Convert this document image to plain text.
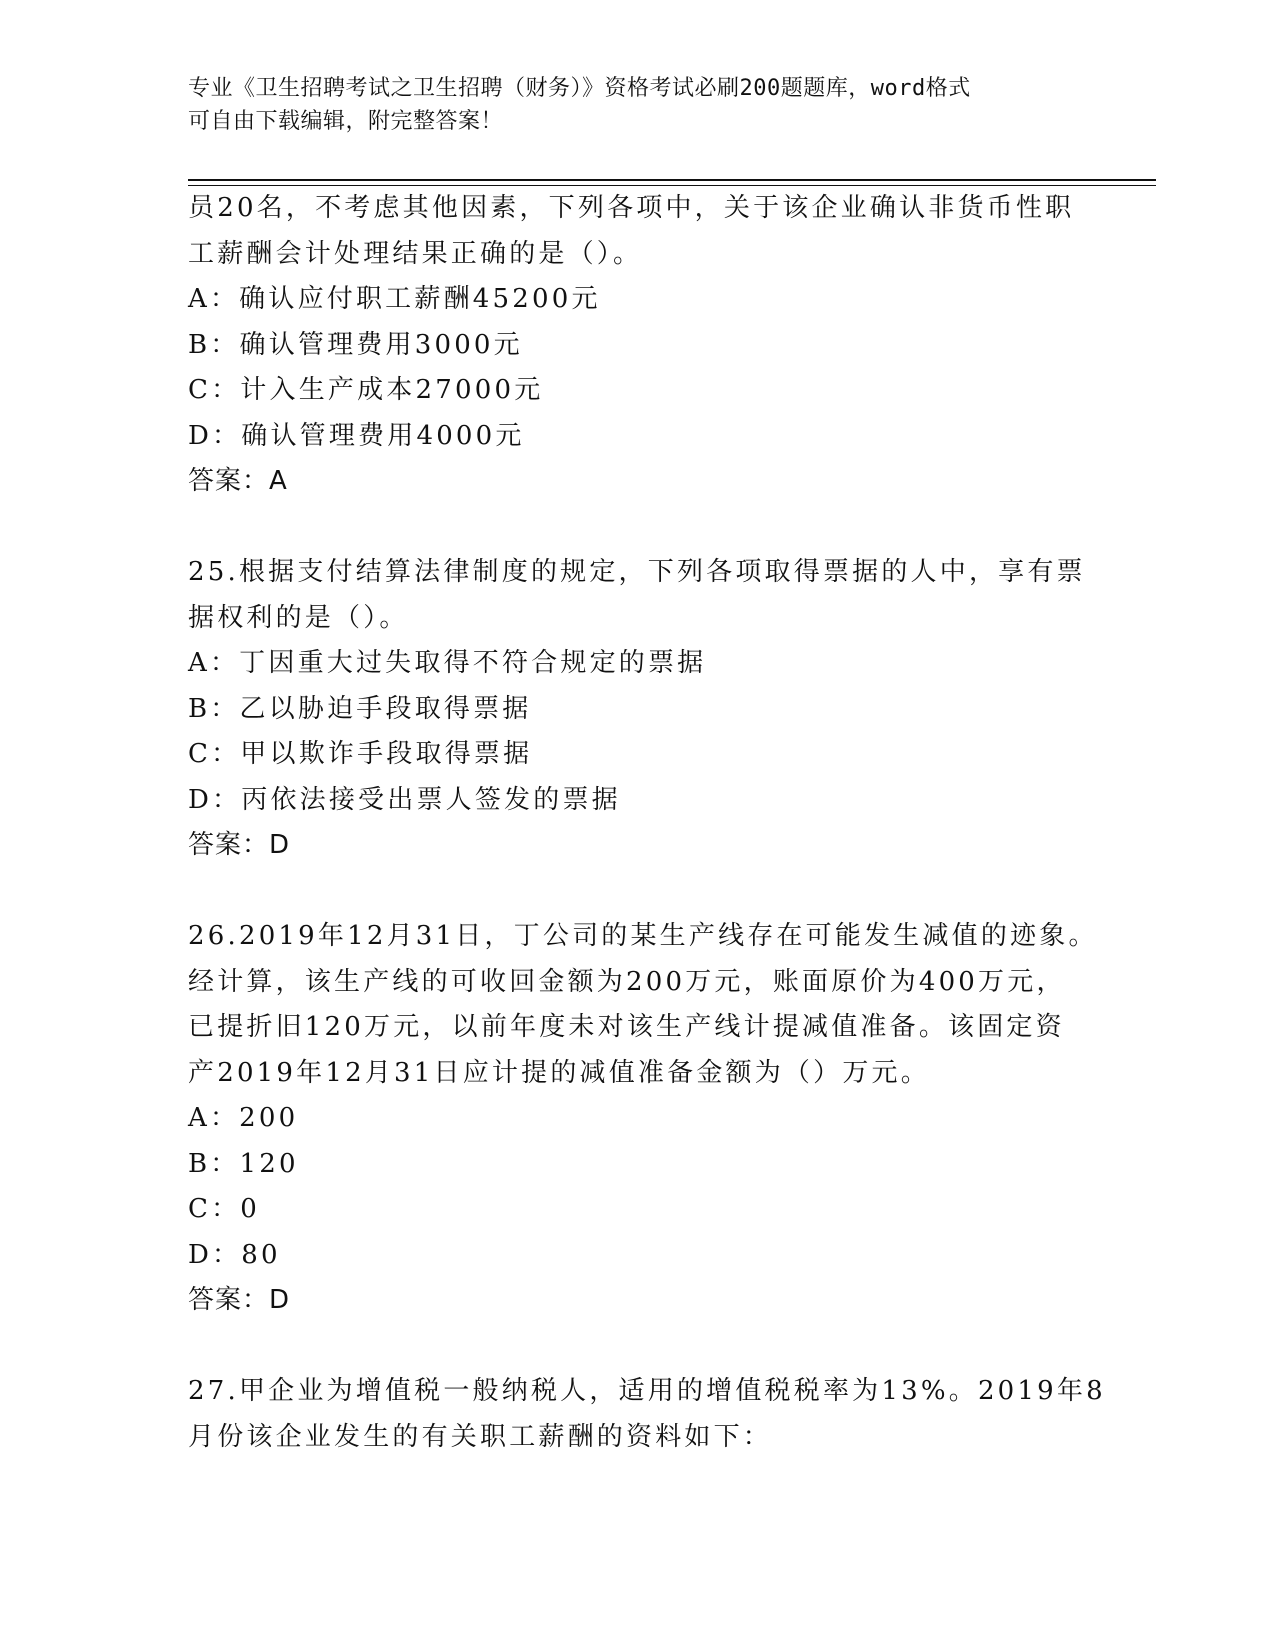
专业《卫生招聘考试之卫生招聘（财务）》资格考试必刷200题题库，word格式
可自由下载编辑，附完整答案！
员20名，不考虑其他因素，下列各项中，关于该企业确认非货币性职
工薪酬会计处理结果正确的是（）。
A：确认应付职工薪酬45200元
B：确认管理费用3000元
C：计入生产成本27000元
D：确认管理费用4000元
答案：A
25.根据支付结算法律制度的规定，下列各项取得票据的人中，享有票
据权利的是（）。
A：丁因重大过失取得不符合规定的票据
B：乙以胁迫手段取得票据
C：甲以欺诈手段取得票据
D：丙依法接受出票人签发的票据
答案：D
26.2019年12月31日，丁公司的某生产线存在可能发生减值的迹象。
经计算，该生产线的可收回金额为200万元，账面原价为400万元，
已提折旧120万元，以前年度未对该生产线计提减值准备。该固定资
产2019年12月31日应计提的减值准备金额为（）万元。
A：200
B：120
C：0
D：80
答案：D
27.甲企业为增值税一般纳税人，适用的增值税税率为13%。2019年8
月份该企业发生的有关职工薪酬的资料如下：
